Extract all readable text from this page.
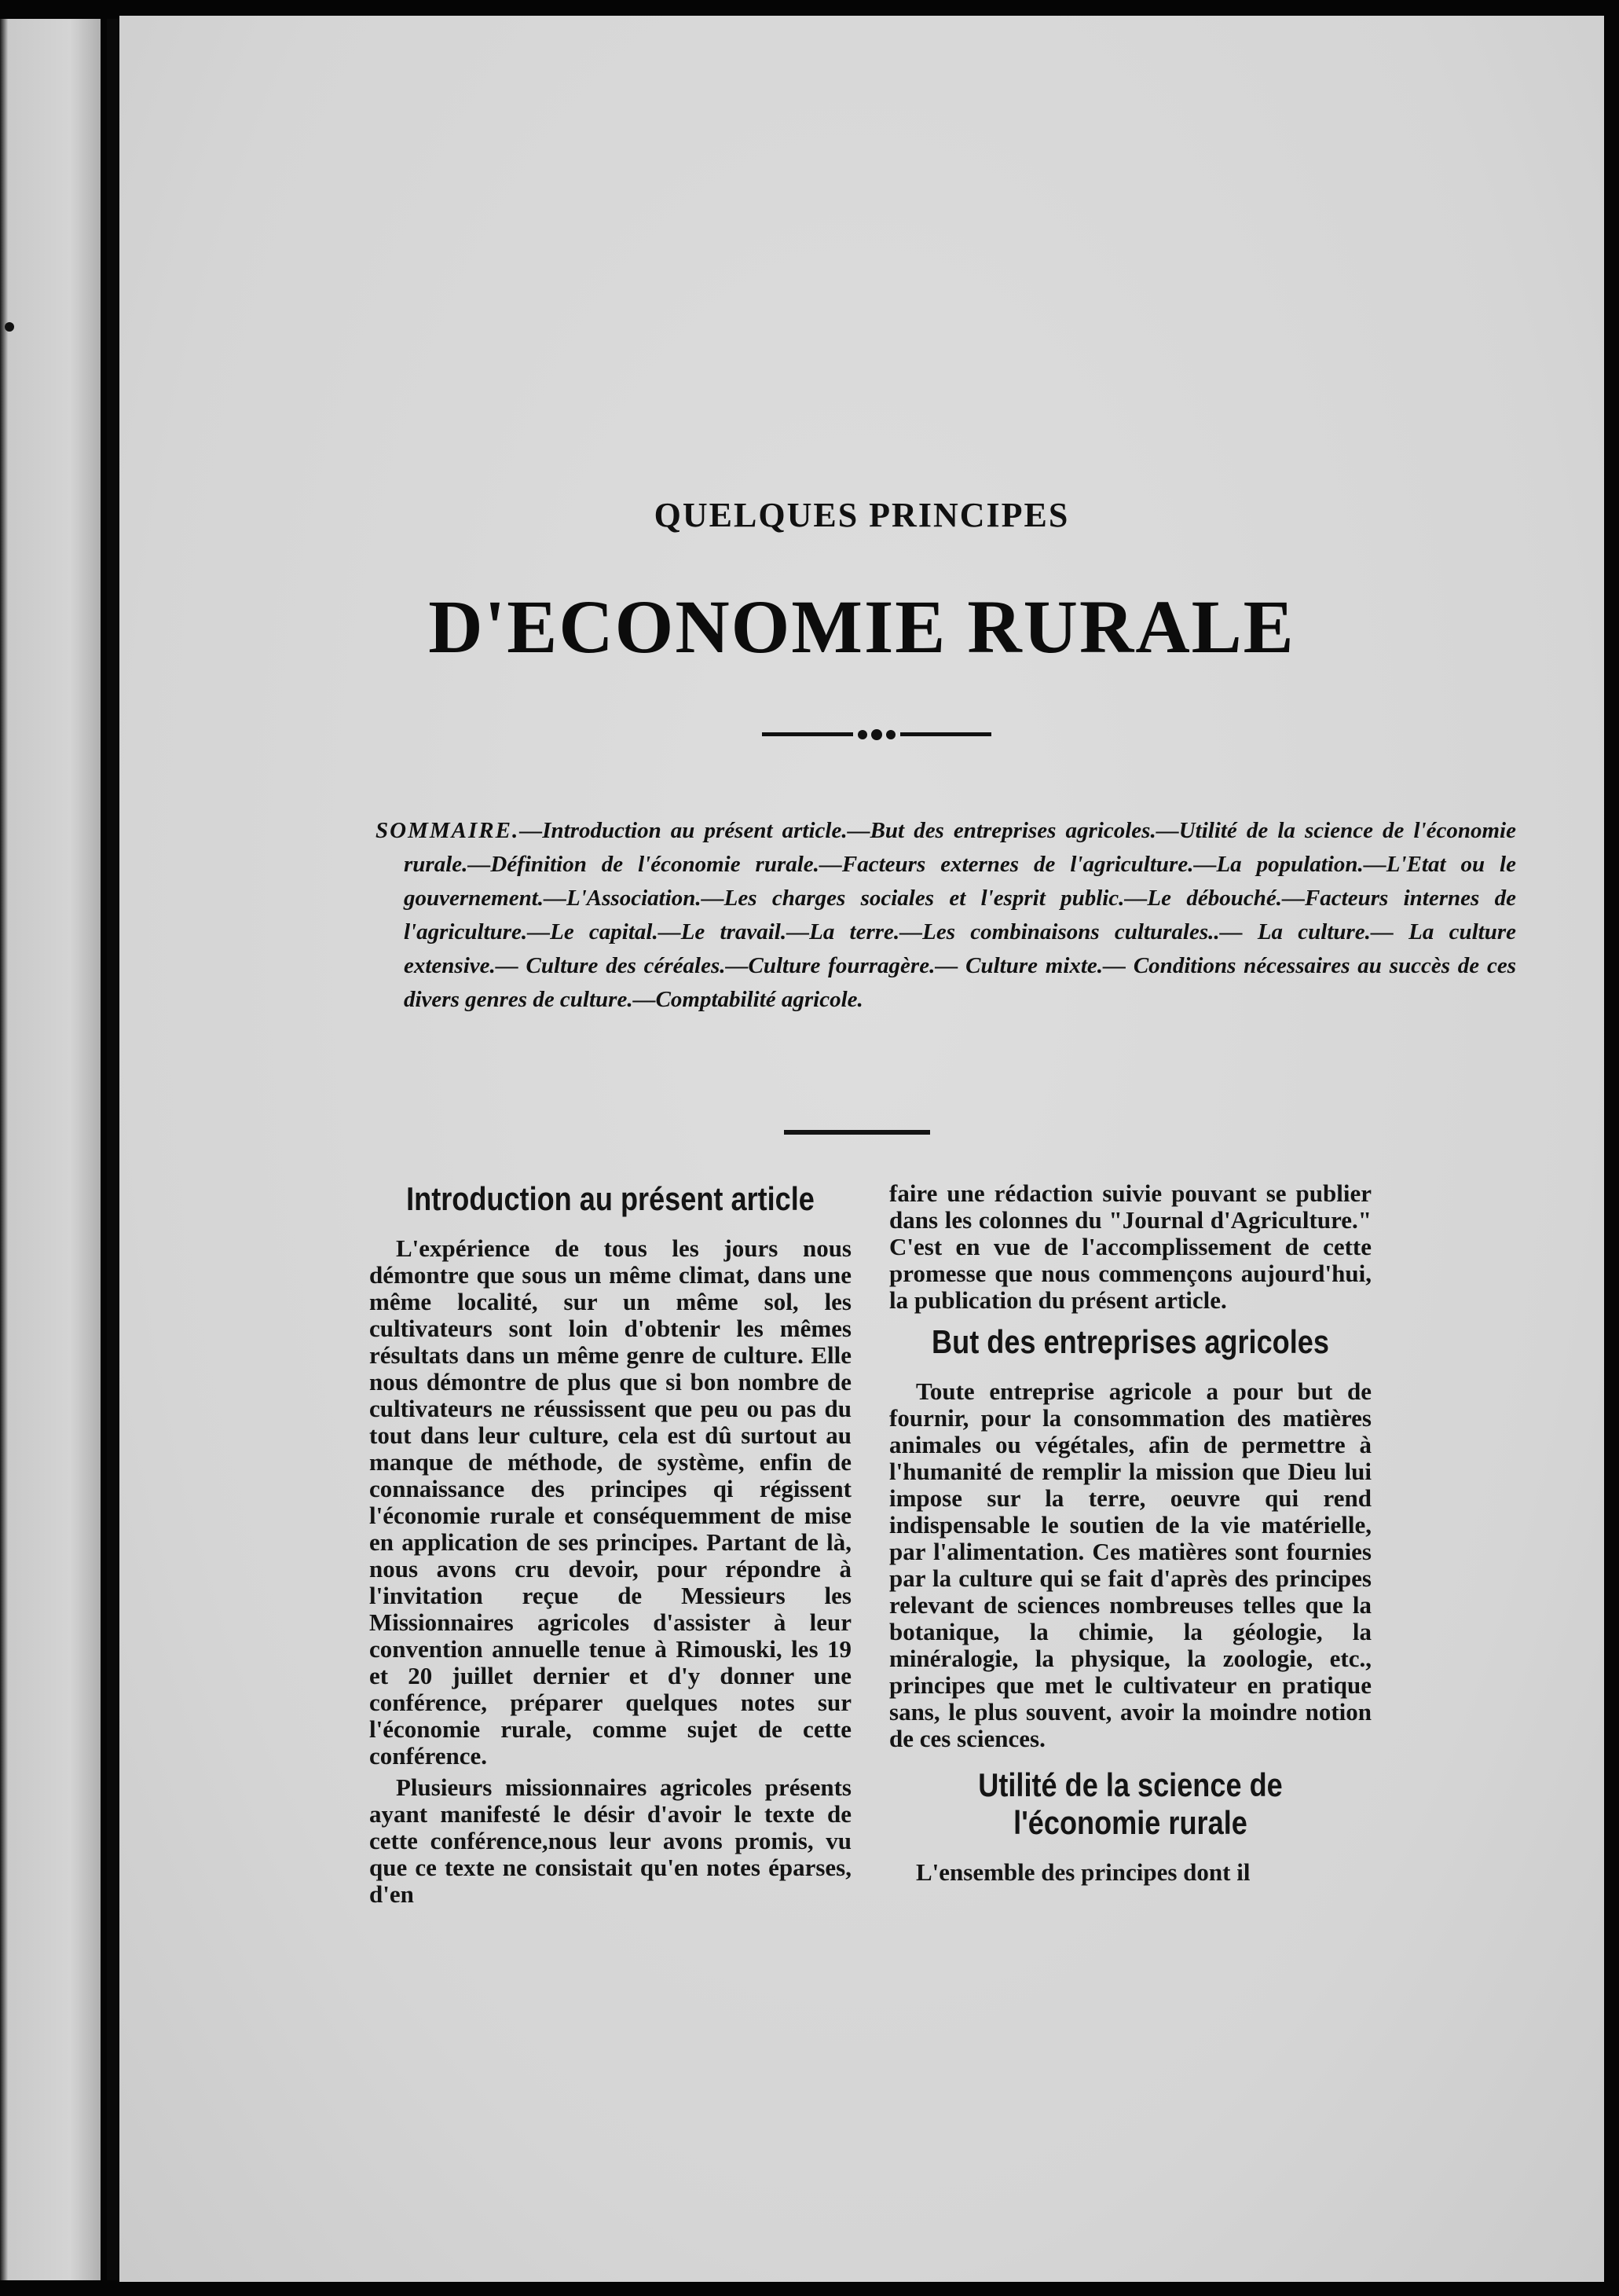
QUELQUES PRINCIPES
D'ECONOMIE RURALE
SOMMAIRE.—Introduction au présent article.—But des entreprises agricoles.—Utilité de la science de l'économie rurale.—Définition de l'économie rurale.—Facteurs externes de l'agriculture.—La population.—L'Etat ou le gouvernement.—L'Association.—Les charges sociales et l'esprit public.—Le débouché.—Facteurs internes de l'agriculture.—Le capital.—Le travail.—La terre.—Les combinaisons culturales..— La culture.— La culture extensive.— Culture des céréales.—Culture fourragère.— Culture mixte.— Conditions nécessaires au succès de ces divers genres de culture.—Comptabilité agricole.
Introduction au présent article

L'expérience de tous les jours nous démontre que sous un même climat, dans une même localité, sur un même sol, les cultivateurs sont loin d'obtenir les mêmes résultats dans un même genre de culture. Elle nous démontre de plus que si bon nombre de cultivateurs ne réussissent que peu ou pas du tout dans leur culture, cela est dû surtout au manque de méthode, de système, enfin de connaissance des principes qi régissent l'économie rurale et conséquemment de mise en application de ses principes. Partant de là, nous avons cru devoir, pour répondre à l'invitation reçue de Messieurs les Missionnaires agricoles d'assister à leur convention annuelle tenue à Rimouski, les 19 et 20 juillet dernier et d'y donner une conférence, préparer quelques notes sur l'économie rurale, comme sujet de cette conférence.

Plusieurs missionnaires agricoles présents ayant manifesté le désir d'avoir le texte de cette conférence,nous leur avons promis, vu que ce texte ne consistait qu'en notes éparses, d'en

faire une rédaction suivie pouvant se publier dans les colonnes du "Journal d'Agriculture." C'est en vue de l'accomplissement de cette promesse que nous commençons aujourd'hui, la publication du présent article.

But des entreprises agricoles

Toute entreprise agricole a pour but de fournir, pour la consommation des matières animales ou végétales, afin de permettre à l'humanité de remplir la mission que Dieu lui impose sur la terre, oeuvre qui rend indispensable le soutien de la vie matérielle, par l'alimentation. Ces matières sont fournies par la culture qui se fait d'après des principes relevant de sciences nombreuses telles que la botanique, la chimie, la géologie, la minéralogie, la physique, la zoologie, etc., principes que met le cultivateur en pratique sans, le plus souvent, avoir la moindre notion de ces sciences.

Utilité de la science de l'économie rurale

L'ensemble des principes dont il
